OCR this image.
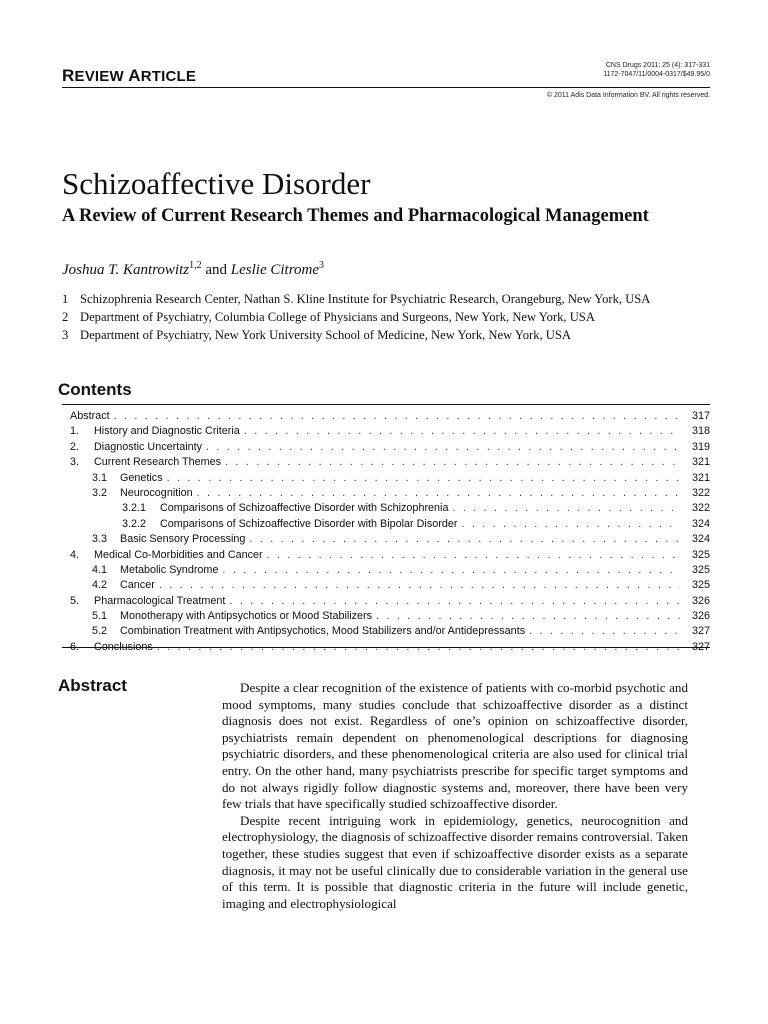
REVIEW ARTICLE
CNS Drugs 2011; 25 (4): 317-331
1172-7047/11/0004-0317/$49.95/0
© 2011 Adis Data Information BV. All rights reserved.
Schizoaffective Disorder
A Review of Current Research Themes and Pharmacological Management
Joshua T. Kantrowitz$^{1,2}$ and Leslie Citrome$^3$
1 Schizophrenia Research Center, Nathan S. Kline Institute for Psychiatric Research, Orangeburg, New York, USA
2 Department of Psychiatry, Columbia College of Physicians and Surgeons, New York, New York, USA
3 Department of Psychiatry, New York University School of Medicine, New York, New York, USA
Contents
Abstract . . .	317
1.	History and Diagnostic Criteria . . .	318
2.	Diagnostic Uncertainty . . .	319
3.	Current Research Themes . . .	321
3.1	Genetics . . .	321
3.2	Neurocognition . . .	322
3.2.1	Comparisons of Schizoaffective Disorder with Schizophrenia . . .	322
3.2.2	Comparisons of Schizoaffective Disorder with Bipolar Disorder . . .	324
3.3	Basic Sensory Processing . . .	324
4.	Medical Co-Morbidities and Cancer . . .	325
4.1	Metabolic Syndrome . . .	325
4.2	Cancer . . .	325
5.	Pharmacological Treatment . . .	326
5.1	Monotherapy with Antipsychotics or Mood Stabilizers . . .	326
5.2	Combination Treatment with Antipsychotics, Mood Stabilizers and/or Antidepressants . . .	327
6.	Conclusions . . .	327
Abstract	Despite a clear recognition of the existence of patients with co-morbid psychotic and mood symptoms, many studies conclude that schizoaffective disorder as a distinct diagnosis does not exist. Regardless of one’s opinion on schizoaffective disorder, psychiatrists remain dependent on phenomenological descriptions for diagnosing psychiatric disorders, and these phenomenological criteria are also used for clinical trial entry. On the other hand, many psychiatrists prescribe for specific target symptoms and do not always rigidly follow diagnostic systems and, moreover, there have been very few trials that have specifically studied schizoaffective disorder.

Despite recent intriguing work in epidemiology, genetics, neurocognition and electrophysiology, the diagnosis of schizoaffective disorder remains controversial. Taken together, these studies suggest that even if schizoaffective disorder exists as a separate diagnosis, it may not be useful clinically due to considerable variation in the general use of this term. It is possible that diagnostic criteria in the future will include genetic, imaging and electrophysiological
